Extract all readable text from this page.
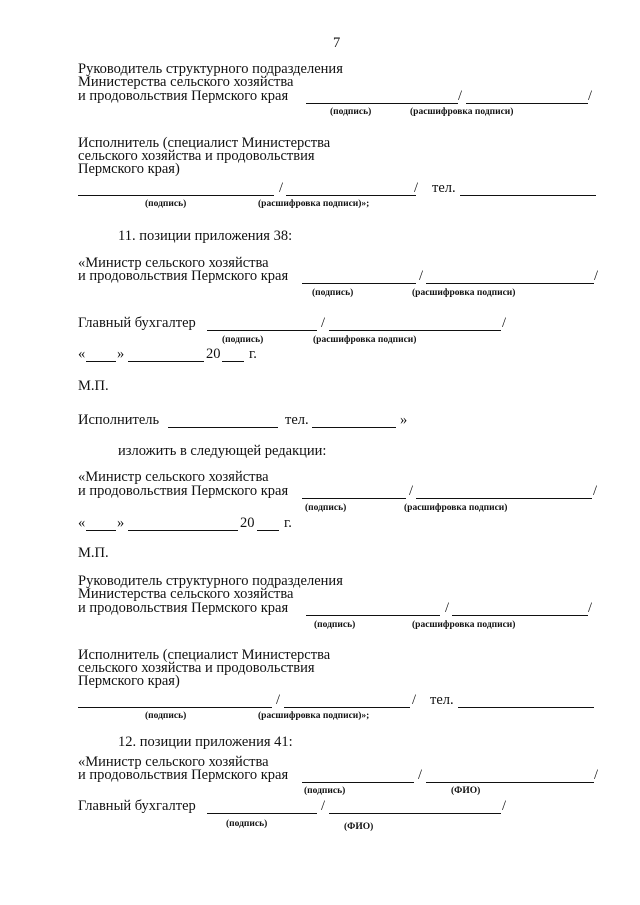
7
Руководитель структурного подразделения
Министерства сельского хозяйства
и продовольствия Пермского края	/	/
(подпись)	(расшифровка подписи)
Исполнитель (специалист Министерства
сельского хозяйства и продовольствия
Пермского края)
/	/ тел.
(подпись)	(расшифровка подписи)»;
11. позиции приложения 38:
«Министр сельского хозяйства
и продовольствия Пермского края	/	/
(подпись)	(расшифровка подписи)
Главный бухгалтер	/	/
(подпись)	(расшифровка подписи)
« »	20 г.
М.П.
Исполнитель	тел.	»
изложить в следующей редакции:
«Министр сельского хозяйства
и продовольствия Пермского края	/	/
(подпись)	(расшифровка подписи)
« »	20 г.
М.П.
Руководитель структурного подразделения
Министерства сельского хозяйства
и продовольствия Пермского края	/	/
(подпись)	(расшифровка подписи)
Исполнитель (специалист Министерства
сельского хозяйства и продовольствия
Пермского края)
/	/ тел.
(подпись)	(расшифровка подписи)»;
12. позиции приложения 41:
«Министр сельского хозяйства
и продовольствия Пермского края	/	/
(подпись)	(ФИО)
Главный бухгалтер	/	/
(подпись)	(ФИО)
